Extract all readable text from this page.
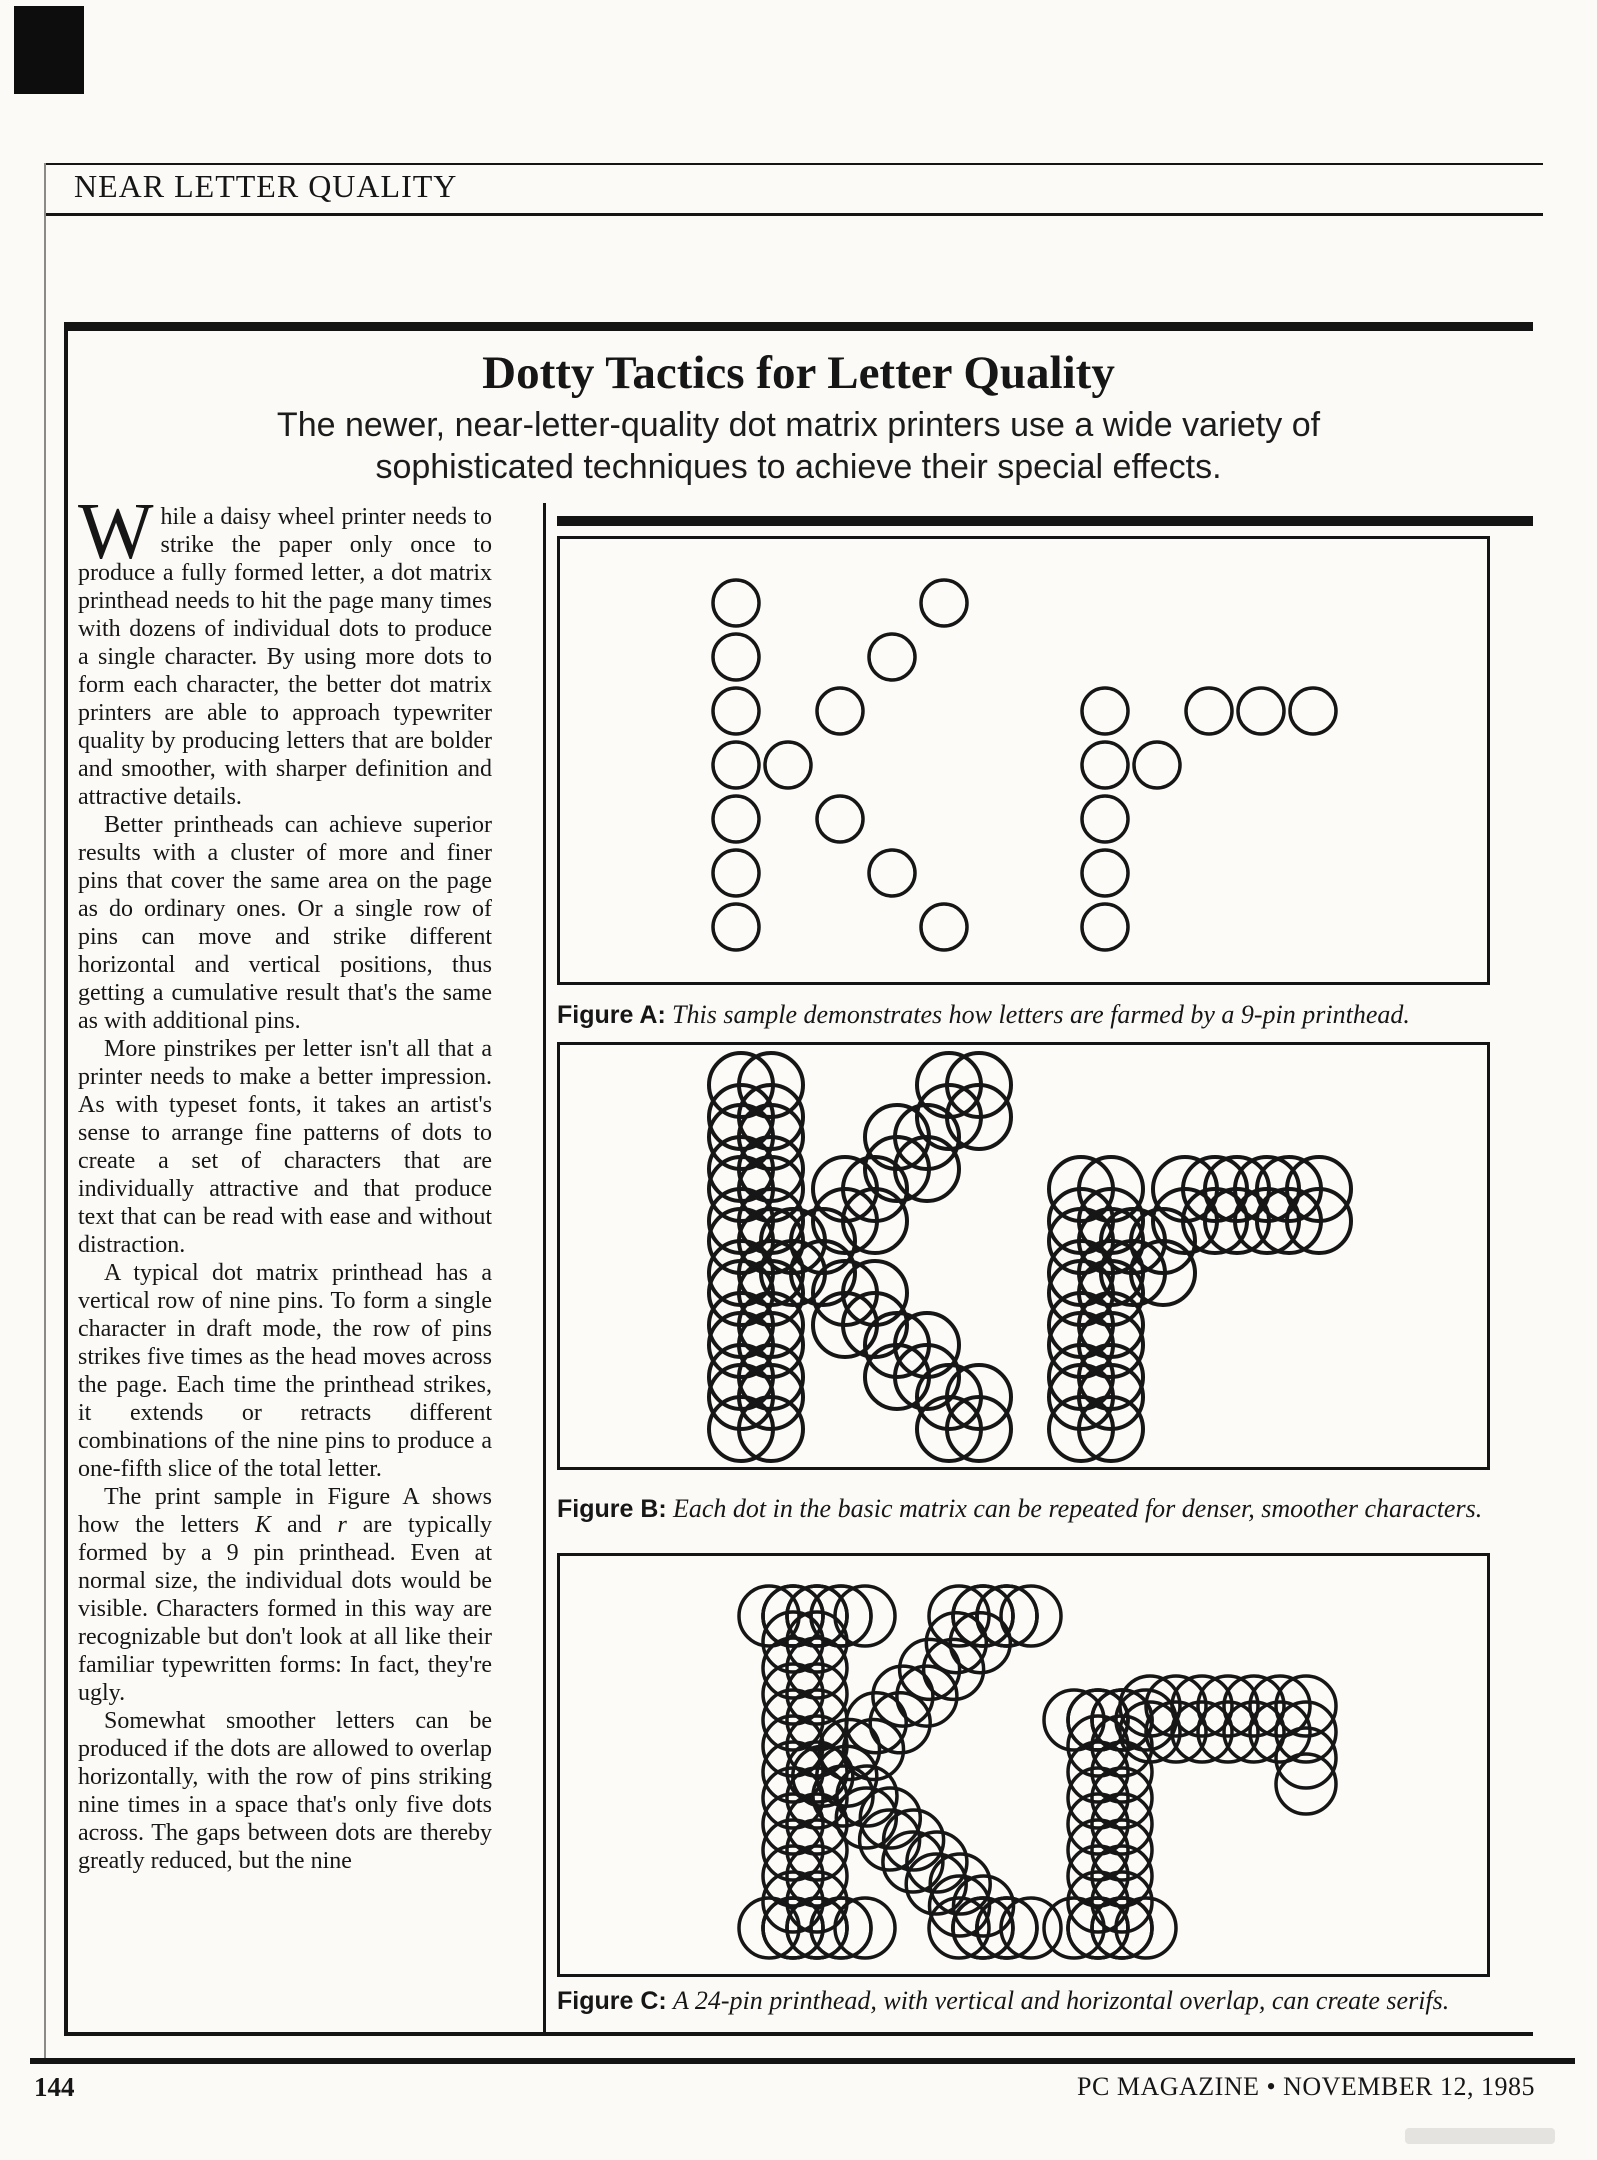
NEAR LETTER QUALITY
Dotty Tactics for Letter Quality
The newer, near-letter-quality dot matrix printers use a wide variety of
sophisticated techniques to achieve their special effects.

While a daisy wheel printer needs to strike the paper only once to produce a fully formed letter, a dot matrix printhead needs to hit the page many times with dozens of individual dots to produce a single character. By using more dots to form each character, the better dot matrix printers are able to approach typewriter quality by producing letters that are bolder and smoother, with sharper definition and attractive details.

Better printheads can achieve superior results with a cluster of more and finer pins that cover the same area on the page as do ordinary ones. Or a single row of pins can move and strike different horizontal and vertical positions, thus getting a cumulative result that's the same as with additional pins.

More pinstrikes per letter isn't all that a printer needs to make a better impression. As with typeset fonts, it takes an artist's sense to arrange fine patterns of dots to create a set of characters that are individually attractive and that produce text that can be read with ease and without distraction.

A typical dot matrix printhead has a vertical row of nine pins. To form a single character in draft mode, the row of pins strikes five times as the head moves across the page. Each time the printhead strikes, it extends or retracts different combinations of the nine pins to produce a one-fifth slice of the total letter.

The print sample in Figure A shows how the letters K and r are typically formed by a 9 pin printhead. Even at normal size, the individual dots would be visible. Characters formed in this way are recognizable but don't look at all like their familiar typewritten forms: In fact, they're ugly.

Somewhat smoother letters can be produced if the dots are allowed to overlap horizontally, with the row of pins striking nine times in a space that's only five dots across. The gaps between dots are thereby greatly reduced, but the nine

Figure A: This sample demonstrates how letters are farmed by a 9-pin printhead.
Figure B: Each dot in the basic matrix can be repeated for denser, smoother characters.
Figure C: A 24-pin printhead, with vertical and horizontal overlap, can create serifs.
144	PC MAGAZINE • NOVEMBER 12, 1985
